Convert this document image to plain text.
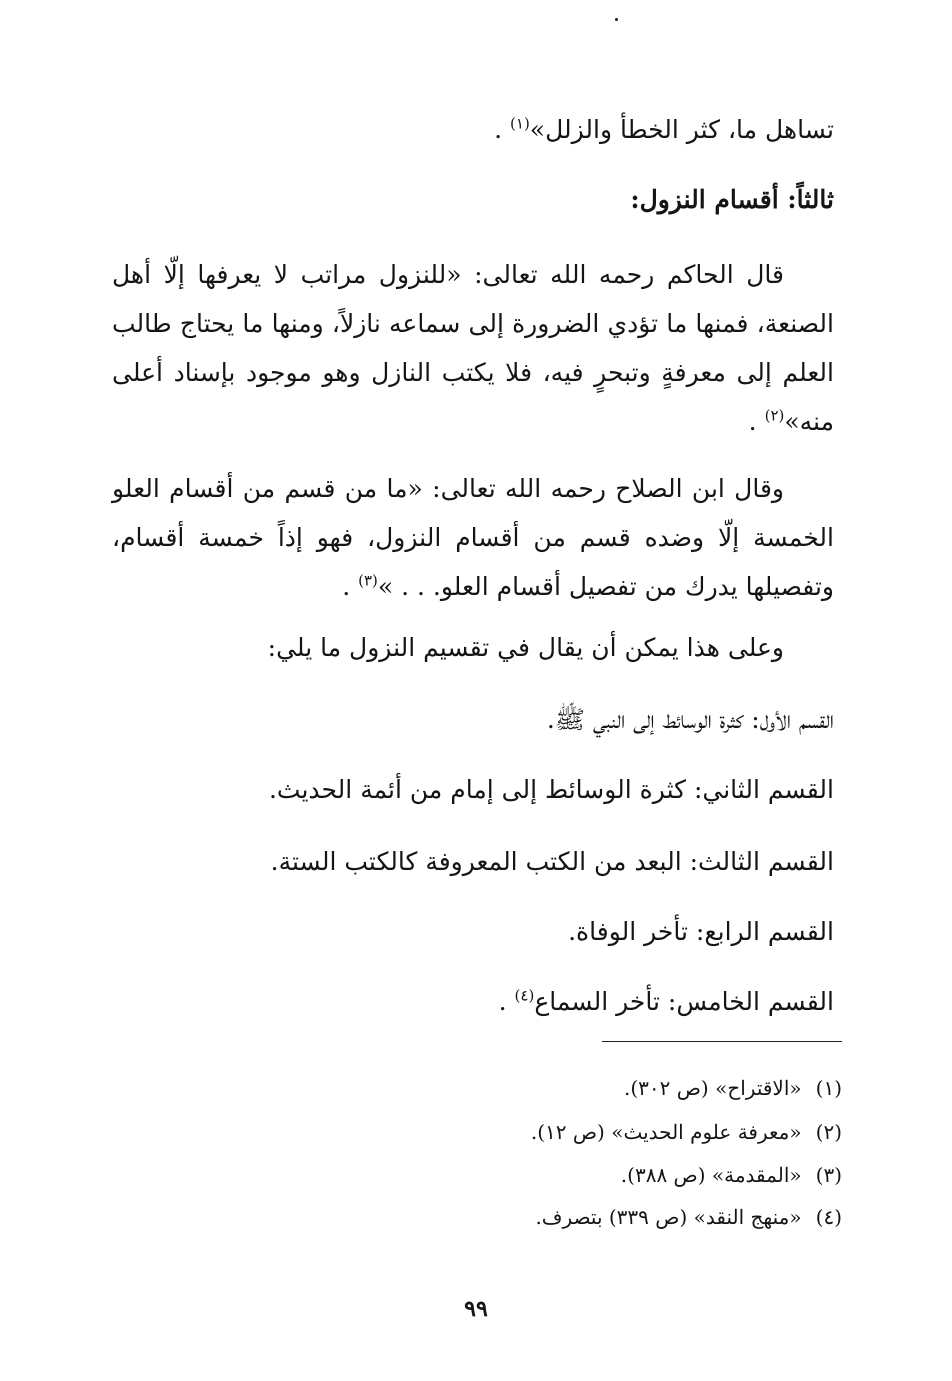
تساهل ما، كثر الخطأ والزلل»$^{(١)}$ .
ثالثاً: أقسام النزول:

قال الحاكم رحمه الله تعالى: «للنزول مراتب لا يعرفها إلّا أهل الصنعة، فمنها ما تؤدي الضرورة إلى سماعه نازلاً، ومنها ما يحتاج طالب العلم إلى معرفةٍ وتبحرٍ فيه، فلا يكتب النازل وهو موجود بإسناد أعلى منه»$^{(٢)}$ .

وقال ابن الصلاح رحمه الله تعالى: «ما من قسم من أقسام العلو الخمسة إلّا وضده قسم من أقسام النزول، فهو إذاً خمسة أقسام، وتفصيلها يدرك من تفصيل أقسام العلو. . . »$^{(٣)}$ .

وعلى هذا يمكن أن يقال في تقسيم النزول ما يلي:
القسم الأول: كثرة الوسائط إلى النبي ﷺ.
القسم الثاني: كثرة الوسائط إلى إمام من أئمة الحديث.
القسم الثالث: البعد من الكتب المعروفة كالكتب الستة.
القسم الرابع: تأخر الوفاة.
القسم الخامس: تأخر السماع$^{(٤)}$ .
(١)«الاقتراح» (ص ٣٠٢).
(٢)«معرفة علوم الحديث» (ص ١٢).
(٣)«المقدمة» (ص ٣٨٨).
(٤)«منهج النقد» (ص ٣٣٩) بتصرف.
٩٩
